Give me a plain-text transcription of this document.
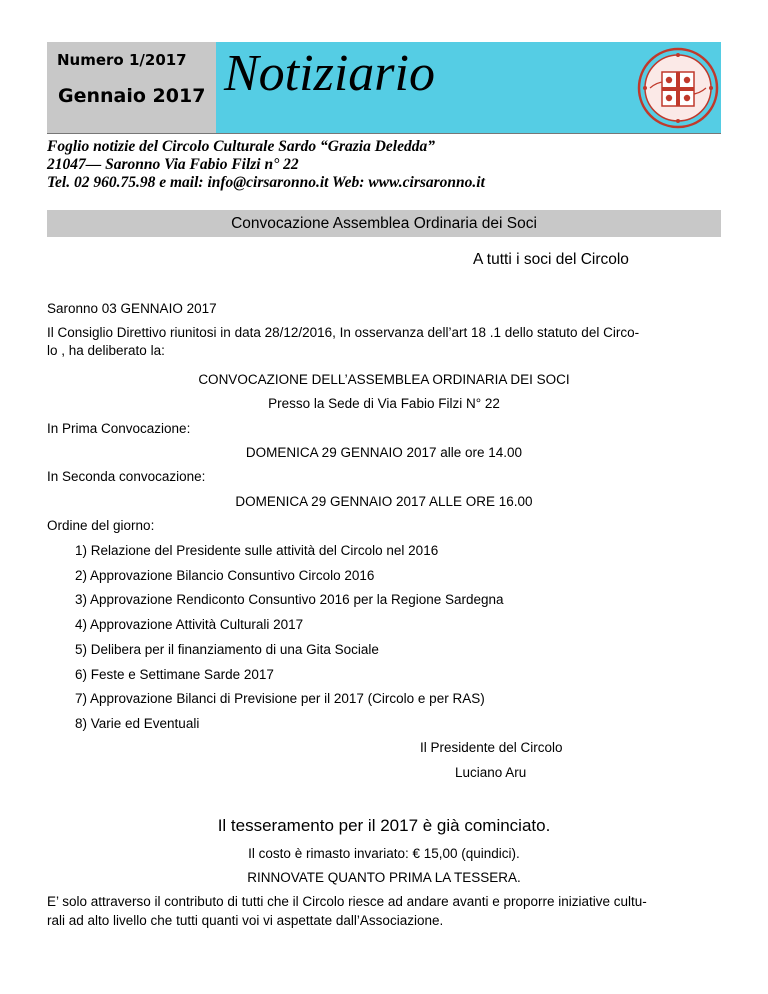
Numero 1/2017
Gennaio 2017 Notiziario
Foglio notizie del Circolo Culturale Sardo “Grazia Deledda”
21047— Saronno Via Fabio Filzi n° 22
Tel. 02 960.75.98 e mail: info@cirsaronno.it Web: www.cirsaronno.it
Convocazione Assemblea Ordinaria dei Soci
A tutti i soci del Circolo
Saronno 03 GENNAIO 2017
Il Consiglio Direttivo riunitosi in data 28/12/2016, In osservanza dell’art 18 .1 dello statuto del Circo-
lo , ha deliberato la:
CONVOCAZIONE DELL’ASSEMBLEA ORDINARIA DEI SOCI
Presso la Sede di Via Fabio Filzi N° 22
In Prima Convocazione:
DOMENICA 29 GENNAIO 2017 alle ore 14.00
In Seconda convocazione:
DOMENICA 29 GENNAIO 2017 ALLE ORE 16.00
Ordine del giorno:
1) Relazione del Presidente sulle attività del Circolo nel 2016
2) Approvazione Bilancio Consuntivo Circolo 2016
3) Approvazione Rendiconto Consuntivo 2016 per la Regione Sardegna
4) Approvazione Attività Culturali 2017
5) Delibera per il finanziamento di una Gita Sociale
6) Feste e Settimane Sarde 2017
7) Approvazione Bilanci di Previsione per il 2017 (Circolo e per RAS)
8) Varie ed Eventuali
Il Presidente del Circolo
Luciano Aru
Il tesseramento per il 2017 è già cominciato.
Il costo è rimasto invariato: € 15,00 (quindici).
RINNOVATE QUANTO PRIMA LA TESSERA.
E’ solo attraverso il contributo di tutti che il Circolo riesce ad andare avanti e proporre iniziative cultu-
rali ad alto livello che tutti quanti voi vi aspettate dall’Associazione.
